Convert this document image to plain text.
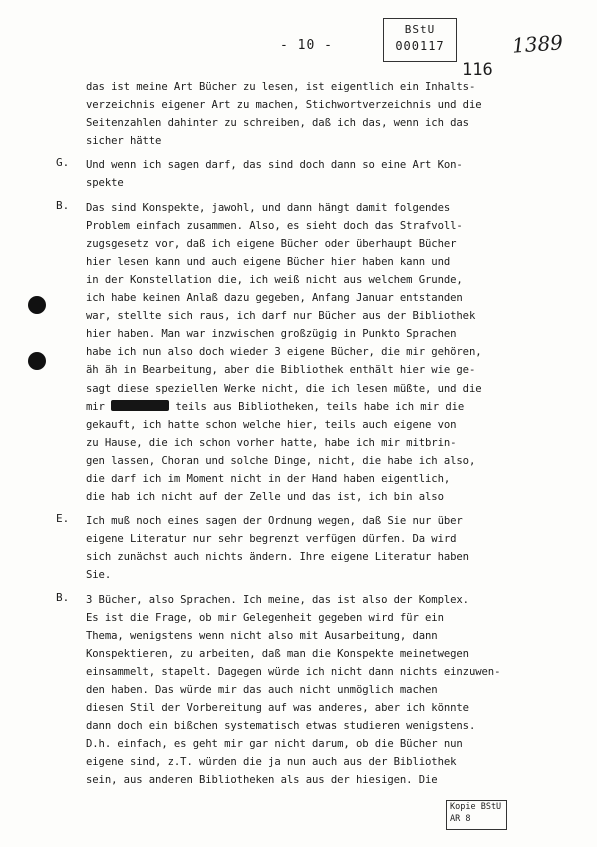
- 10 -
BStU
000117
116
1389
das ist meine Art Bücher zu lesen, ist eigentlich ein Inhalts-
verzeichnis eigener Art zu machen, Stichwortverzeichnis und die
Seitenzahlen dahinter zu schreiben, daß ich das, wenn ich das
sicher hätte
G. Und wenn ich sagen darf, das sind doch dann so eine Art Kon-
spekte
B. Das sind Konspekte, jawohl, und dann hängt damit folgendes
Problem einfach zusammen. Also, es sieht doch das Strafvoll-
zugsgesetz vor, daß ich eigene Bücher oder überhaupt Bücher
hier lesen kann und auch eigene Bücher hier haben kann und
in der Konstellation die, ich weiß nicht aus welchem Grunde,
ich habe keinen Anlaß dazu gegeben, Anfang Januar entstanden
war, stellte sich raus, ich darf nur Bücher aus der Bibliothek
hier haben. Man war inzwischen großzügig in Punkto Sprachen
habe ich nun also doch wieder 3 eigene Bücher, die mir gehören,
äh äh in Bearbeitung, aber die Bibliothek enthält hier wie ge-
sagt diese speziellen Werke nicht, die ich lesen müßte, und die
mir	teils aus Bibliotheken, teils habe ich mir die
gekauft, ich hatte schon welche hier, teils auch eigene von
zu Hause, die ich schon vorher hatte, habe ich mir mitbrin-
gen lassen, Choran und solche Dinge, nicht, die habe ich also,
die darf ich im Moment nicht in der Hand haben eigentlich,
die hab ich nicht auf der Zelle und das ist, ich bin also
E. Ich muß noch eines sagen der Ordnung wegen, daß Sie nur über
eigene Literatur nur sehr begrenzt verfügen dürfen. Da wird
sich zunächst auch nichts ändern. Ihre eigene Literatur haben
Sie.
B. 3 Bücher, also Sprachen. Ich meine, das ist also der Komplex.
Es ist die Frage, ob mir Gelegenheit gegeben wird für ein
Thema, wenigstens wenn nicht also mit Ausarbeitung, dann
Konspektieren, zu arbeiten, daß man die Konspekte meinetwegen
einsammelt, stapelt. Dagegen würde ich nicht dann nichts einzuwen-
den haben. Das würde mir das auch nicht unmöglich machen
diesen Stil der Vorbereitung auf was anderes, aber ich könnte
dann doch ein bißchen systematisch etwas studieren wenigstens.
D.h. einfach, es geht mir gar nicht darum, ob die Bücher nun
eigene sind, z.T. würden die ja nun auch aus der Bibliothek
sein, aus anderen Bibliotheken als aus der hiesigen. Die
Kopie BStU
AR 8
